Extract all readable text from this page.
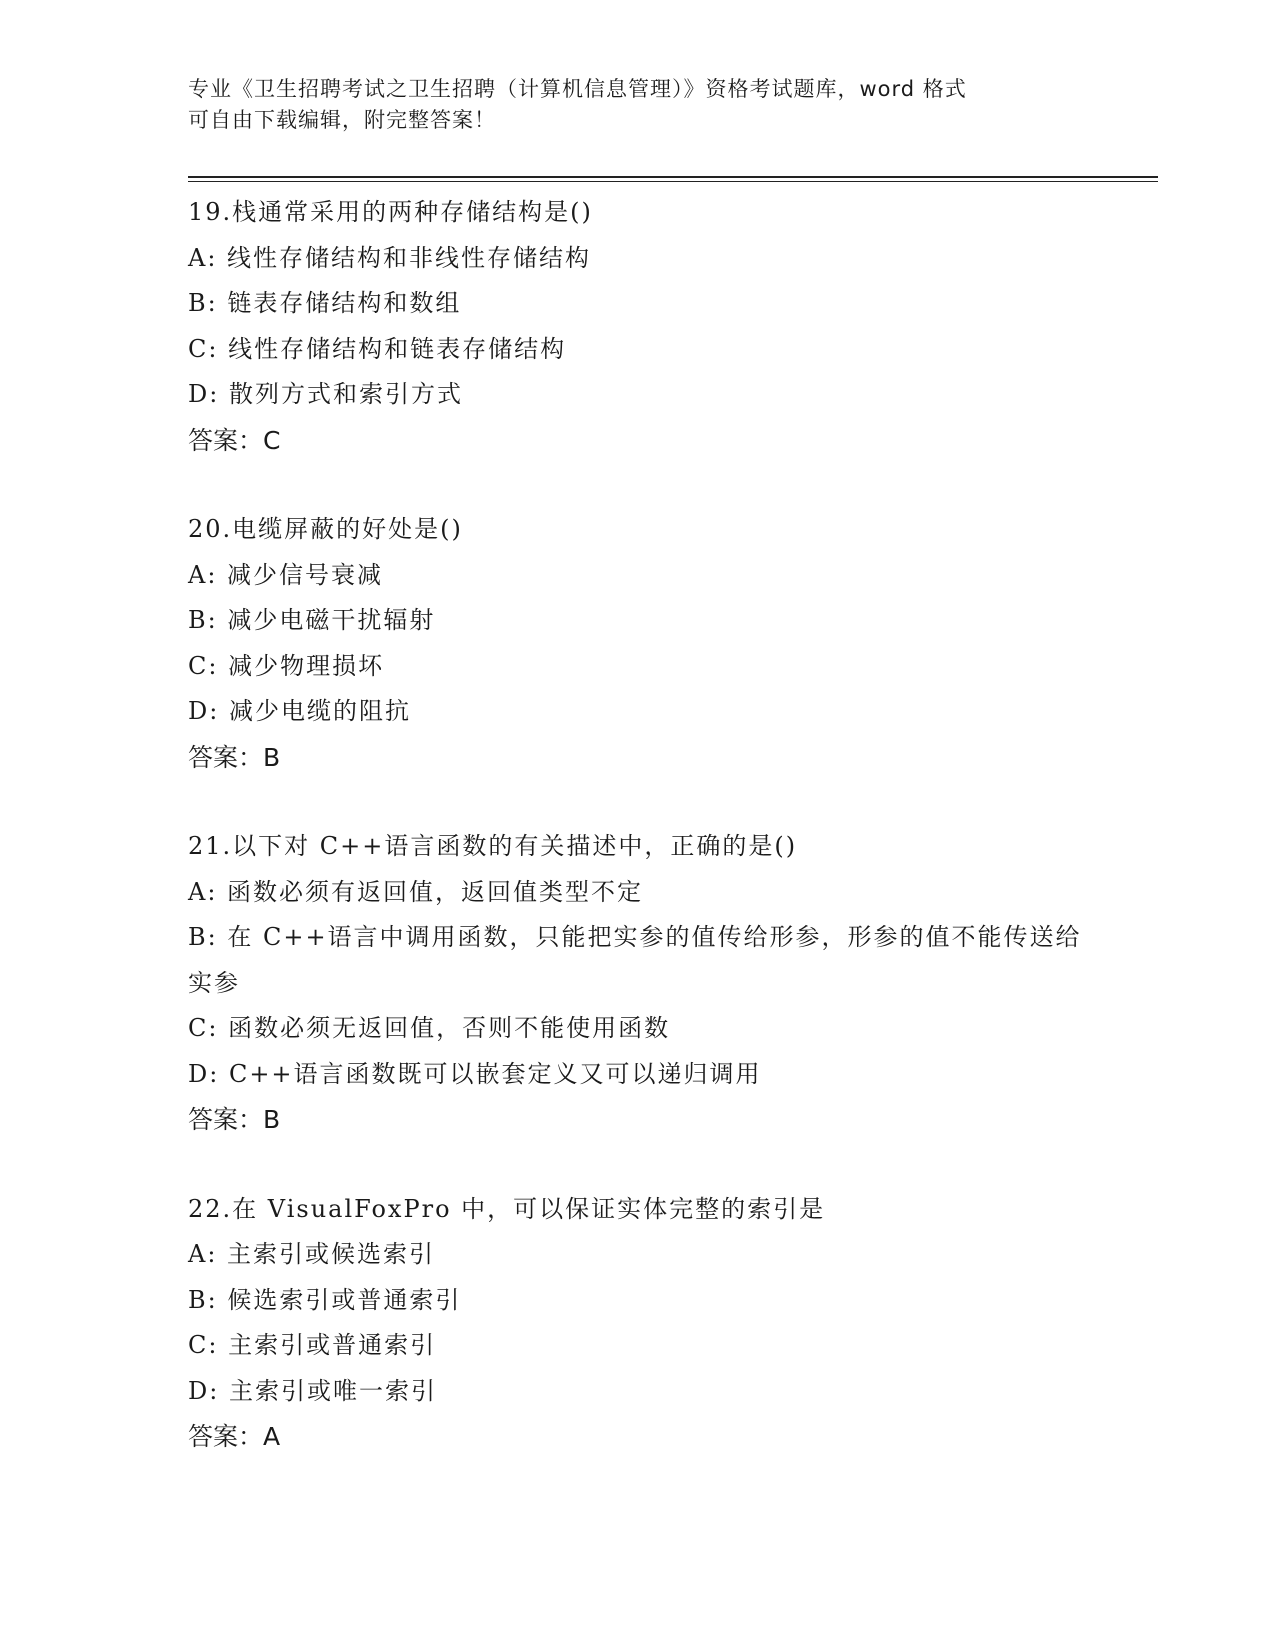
专业《卫生招聘考试之卫生招聘（计算机信息管理）》资格考试题库，word 格式

可自由下载编辑，附完整答案！

19.栈通常采用的两种存储结构是()
A: 线性存储结构和非线性存储结构
B: 链表存储结构和数组
C: 线性存储结构和链表存储结构
D: 散列方式和索引方式
答案：C
20.电缆屏蔽的好处是()
A: 减少信号衰减
B: 减少电磁干扰辐射
C: 减少物理损坏
D: 减少电缆的阻抗
答案：B
21.以下对 C++语言函数的有关描述中，正确的是()
A: 函数必须有返回值，返回值类型不定
B: 在 C++语言中调用函数，只能把实参的值传给形参，形参的值不能传送给实参
C: 函数必须无返回值，否则不能使用函数
D: C++语言函数既可以嵌套定义又可以递归调用
答案：B
22.在 VisualFoxPro 中，可以保证实体完整的索引是
A: 主索引或候选索引
B: 候选索引或普通索引
C: 主索引或普通索引
D: 主索引或唯一索引
答案：A
